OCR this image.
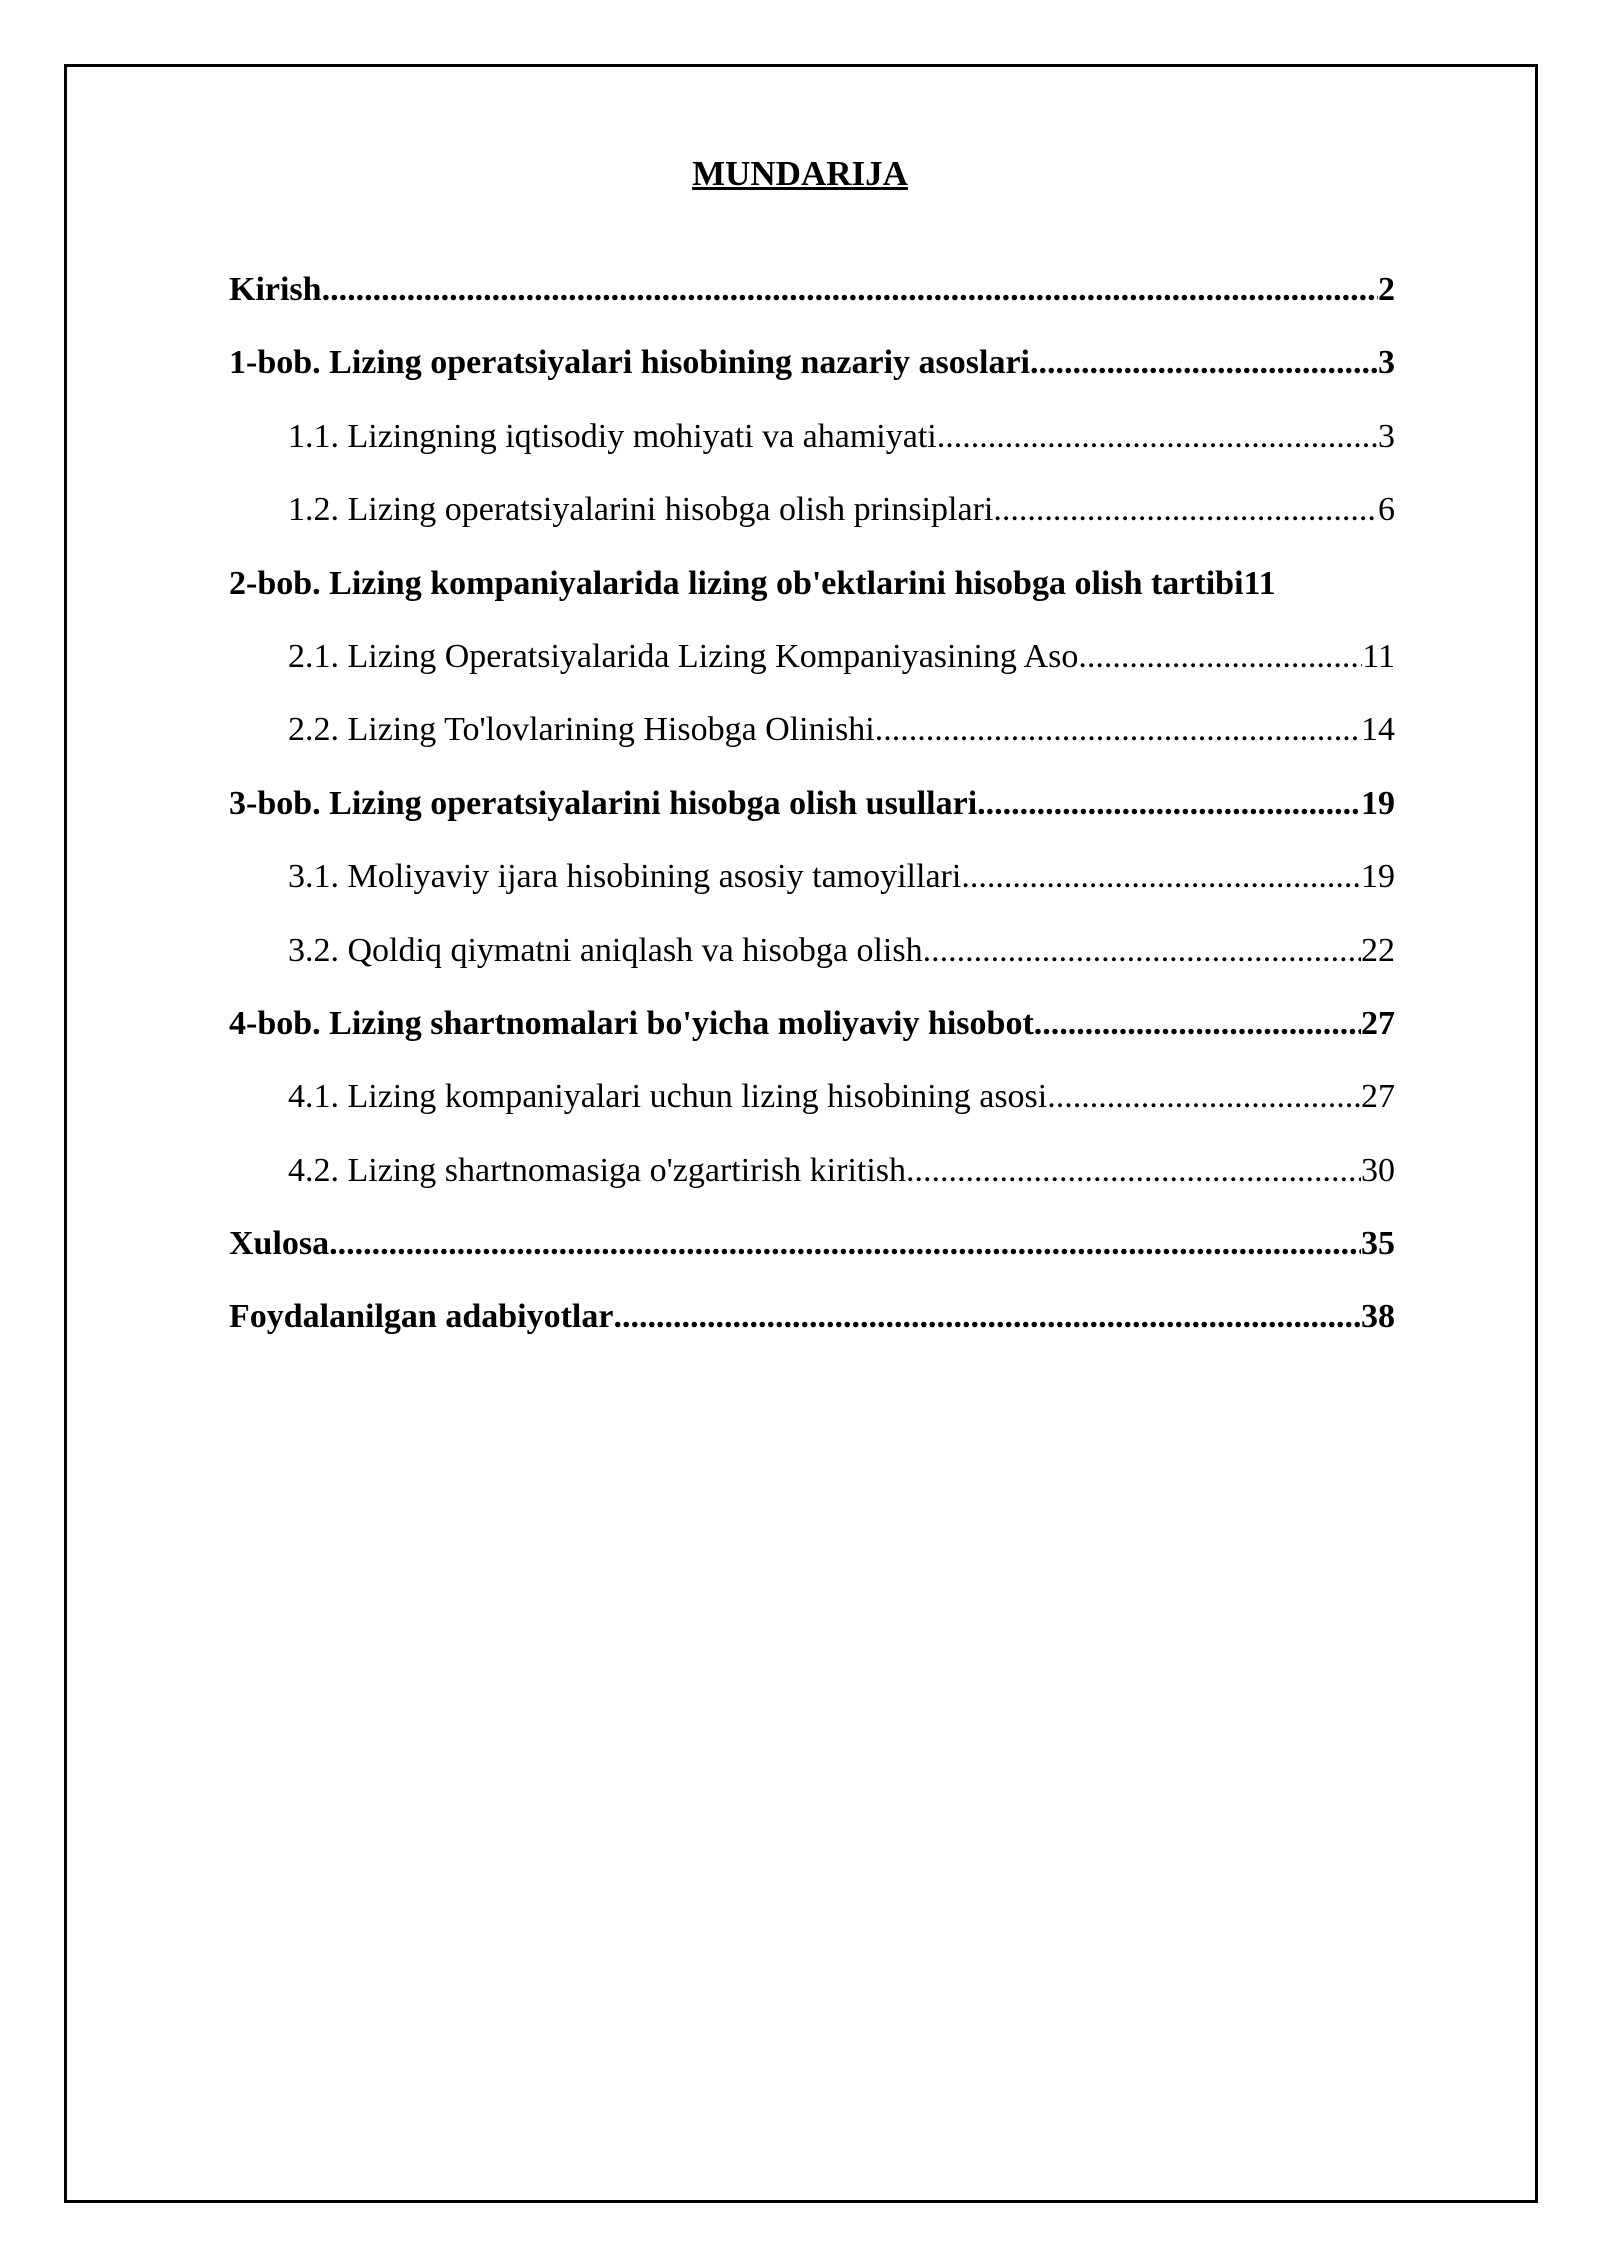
MUNDARIJA
Kirish .....	2
1-bob. Lizing operatsiyalari hisobining nazariy asoslari .....	3
1.1. Lizingning iqtisodiy mohiyati va ahamiyati .....	3
1.2. Lizing operatsiyalarini hisobga olish prinsiplari .....	6
2-bob. Lizing kompaniyalarida lizing ob'ektlarini hisobga olish tartibi 11
2.1. Lizing Operatsiyalarida Lizing Kompaniyasining Aso .....	11
2.2. Lizing To'lovlarining Hisobga Olinishi .....	14
3-bob. Lizing operatsiyalarini hisobga olish usullari .....	19
3.1. Moliyaviy ijara hisobining asosiy tamoyillari .....	19
3.2. Qoldiq qiymatni aniqlash va hisobga olish .....	22
4-bob. Lizing shartnomalari bo'yicha moliyaviy hisobot .....	27
4.1. Lizing kompaniyalari uchun lizing hisobining asosi .....	27
4.2. Lizing shartnomasiga o'zgartirish kiritish .....	30
Xulosa .....	35
Foydalanilgan adabiyotlar .....	38
